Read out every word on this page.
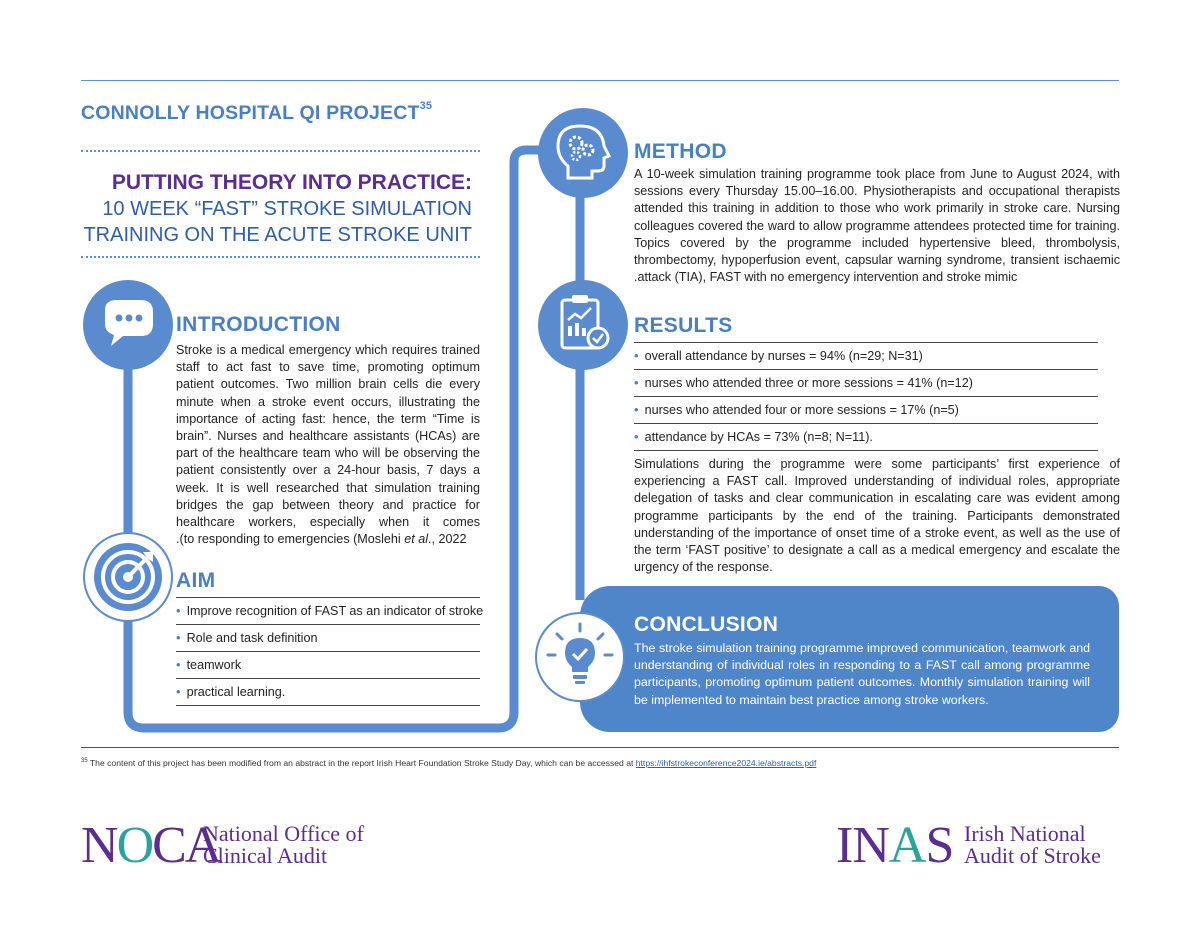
CONNOLLY HOSPITAL QI PROJECT$^{35}$
PUTTING THEORY INTO PRACTICE:
10 WEEK “FAST” STROKE SIMULATION
TRAINING ON THE ACUTE STROKE UNIT
INTRODUCTION
Stroke is a medical emergency which requires trained staff to act fast to save time, promoting optimum patient outcomes. Two million brain cells die every minute when a stroke event occurs, illustrating the importance of acting fast: hence, the term “Time is brain”. Nurses and healthcare assistants (HCAs) are part of the healthcare team who will be observing the patient consistently over a 24-hour basis, 7 days a week. It is well researched that simulation training bridges the gap between theory and practice for healthcare workers, especially when it comes
.(to responding to emergencies (Moslehi et al., 2022
AIM
• Improve recognition of FAST as an indicator of stroke
• Role and task definition
• teamwork
• practical learning.
METHOD
A 10-week simulation training programme took place from June to August 2024, with sessions every Thursday 15.00–16.00. Physiotherapists and occupational therapists attended this training in addition to those who work primarily in stroke care. Nursing colleagues covered the ward to allow programme attendees protected time for training. Topics covered by the programme included hypertensive bleed, thrombolysis, thrombectomy, hypoperfusion event, capsular warning syndrome, transient ischaemic
.attack (TIA), FAST with no emergency intervention and stroke mimic
RESULTS
• overall attendance by nurses = 94% (n=29; N=31)
• nurses who attended three or more sessions = 41% (n=12)
• nurses who attended four or more sessions = 17% (n=5)
• attendance by HCAs = 73% (n=8; N=11).
Simulations during the programme were some participants’ first experience of experiencing a FAST call. Improved understanding of individual roles, appropriate delegation of tasks and clear communication in escalating care was evident among programme participants by the end of the training. Participants demonstrated understanding of the importance of onset time of a stroke event, as well as the use of the term ‘FAST positive’ to designate a call as a medical emergency and escalate the urgency of the response.
CONCLUSION
The stroke simulation training programme improved communication, teamwork and understanding of individual roles in responding to a FAST call among programme participants, promoting optimum patient outcomes. Monthly simulation training will be implemented to maintain best practice among stroke workers.
$^{35}$ The content of this project has been modified from an abstract in the report Irish Heart Foundation Stroke Study Day, which can be accessed at https://ihfstrokeconference2024.ie/abstracts.pdf
NOCA
National Office of
Clinical Audit	INAS Irish National
Audit of Stroke
